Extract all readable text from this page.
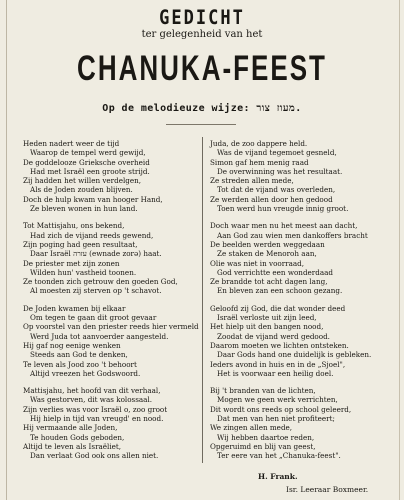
GEDICHT
ter gelegenheid van het
CHANUKA-FEEST
Op de melodieuze wijze: מעוז צור.
Heden nadert weer de tijd
Waarop de tempel werd gewijd,
De goddelooze Grieksche overheid
Had met Israël een groote strijd.
Zij hadden het willen verdelgen,
Als de Joden zouden blijven.
Doch de hulp kwam van hooger Hand,
Ze bleven wonen in hun land.
Tot Mattisjahu, ons bekend,
Had zich de vijand reeds gewend,
Zijn poging had geen resultaat,
Daar Israël עזרה (ewnade zorə) haat.
De priester met zijn zonen
Wilden hun' vastheid toonen.
Ze toonden zich getrouw den goeden God,
Al moesten zij sterven op 't schavot.
De Joden kwamen bij elkaar
Om tegen te gaan dit groot gevaar
Op voorstel van den priester reeds hier vermeld
Werd Juda tot aanvoerder aangesteld.
Hij gaf nog eenige wenken
Steeds aan God te denken,
Te leven als Jood zoo 't behoort
Altijd vreezen het Godswoord.
Mattisjahu, het hoofd van dit verhaal,
Was gestorven, dit was kolossaal.
Zijn verlies was voor Israël o, zoo groot
Hij hielp in tijd van vreugd' en nood.
Hij vermaande alle Joden,
Te houden Gods geboden,
Altijd te leven als Israëliet,
Dan verlaat God ook ons allen niet.
Juda, de zoo dappere held.
Was de vijand tegemoet gesneld,
Simon gaf hem menig raad
De overwinning was het resultaat.
Ze streden allen mede,
Tot dat de vijand was overleden,
Ze werden allen door hen gedood
Toen werd hun vreugde innig groot.
Doch waar men nu het meest aan dacht,
Aan God zau wien men dankoffers bracht
De beelden werden weggedaan
Ze staken de Menoroh aan,
Olie was niet in voorraad,
God verrichtte een wonderdaad
Ze brandde tot acht dagen lang,
En bleven zan een schoon gezang.
Geloofd zij God, die dat wonder deed
Israël verloste uit zijn leed,
Het hielp uit den bangen nood,
Zoodat de vijand werd gedood.
Daarom moeten we lichten ontsteken.
Daar Gods hand one duidelijk is gebleken.
Ieders avond in huis en in de „Sjoel",
Het is voorwaar een heilig doel.
Bij 't branden van de lichten,
Mogen we geen werk verrichten,
Dit wordt ons reeds op school geleerd,
Dat men van hen niet profiteert;
We zingen allen mede,
Wij hebben daartoe reden,
Opgeruimd en blij van geest,
Ter eere van het „Chanuka-feest".
H. Frank.
Isr. Leeraar Boxmeer.
